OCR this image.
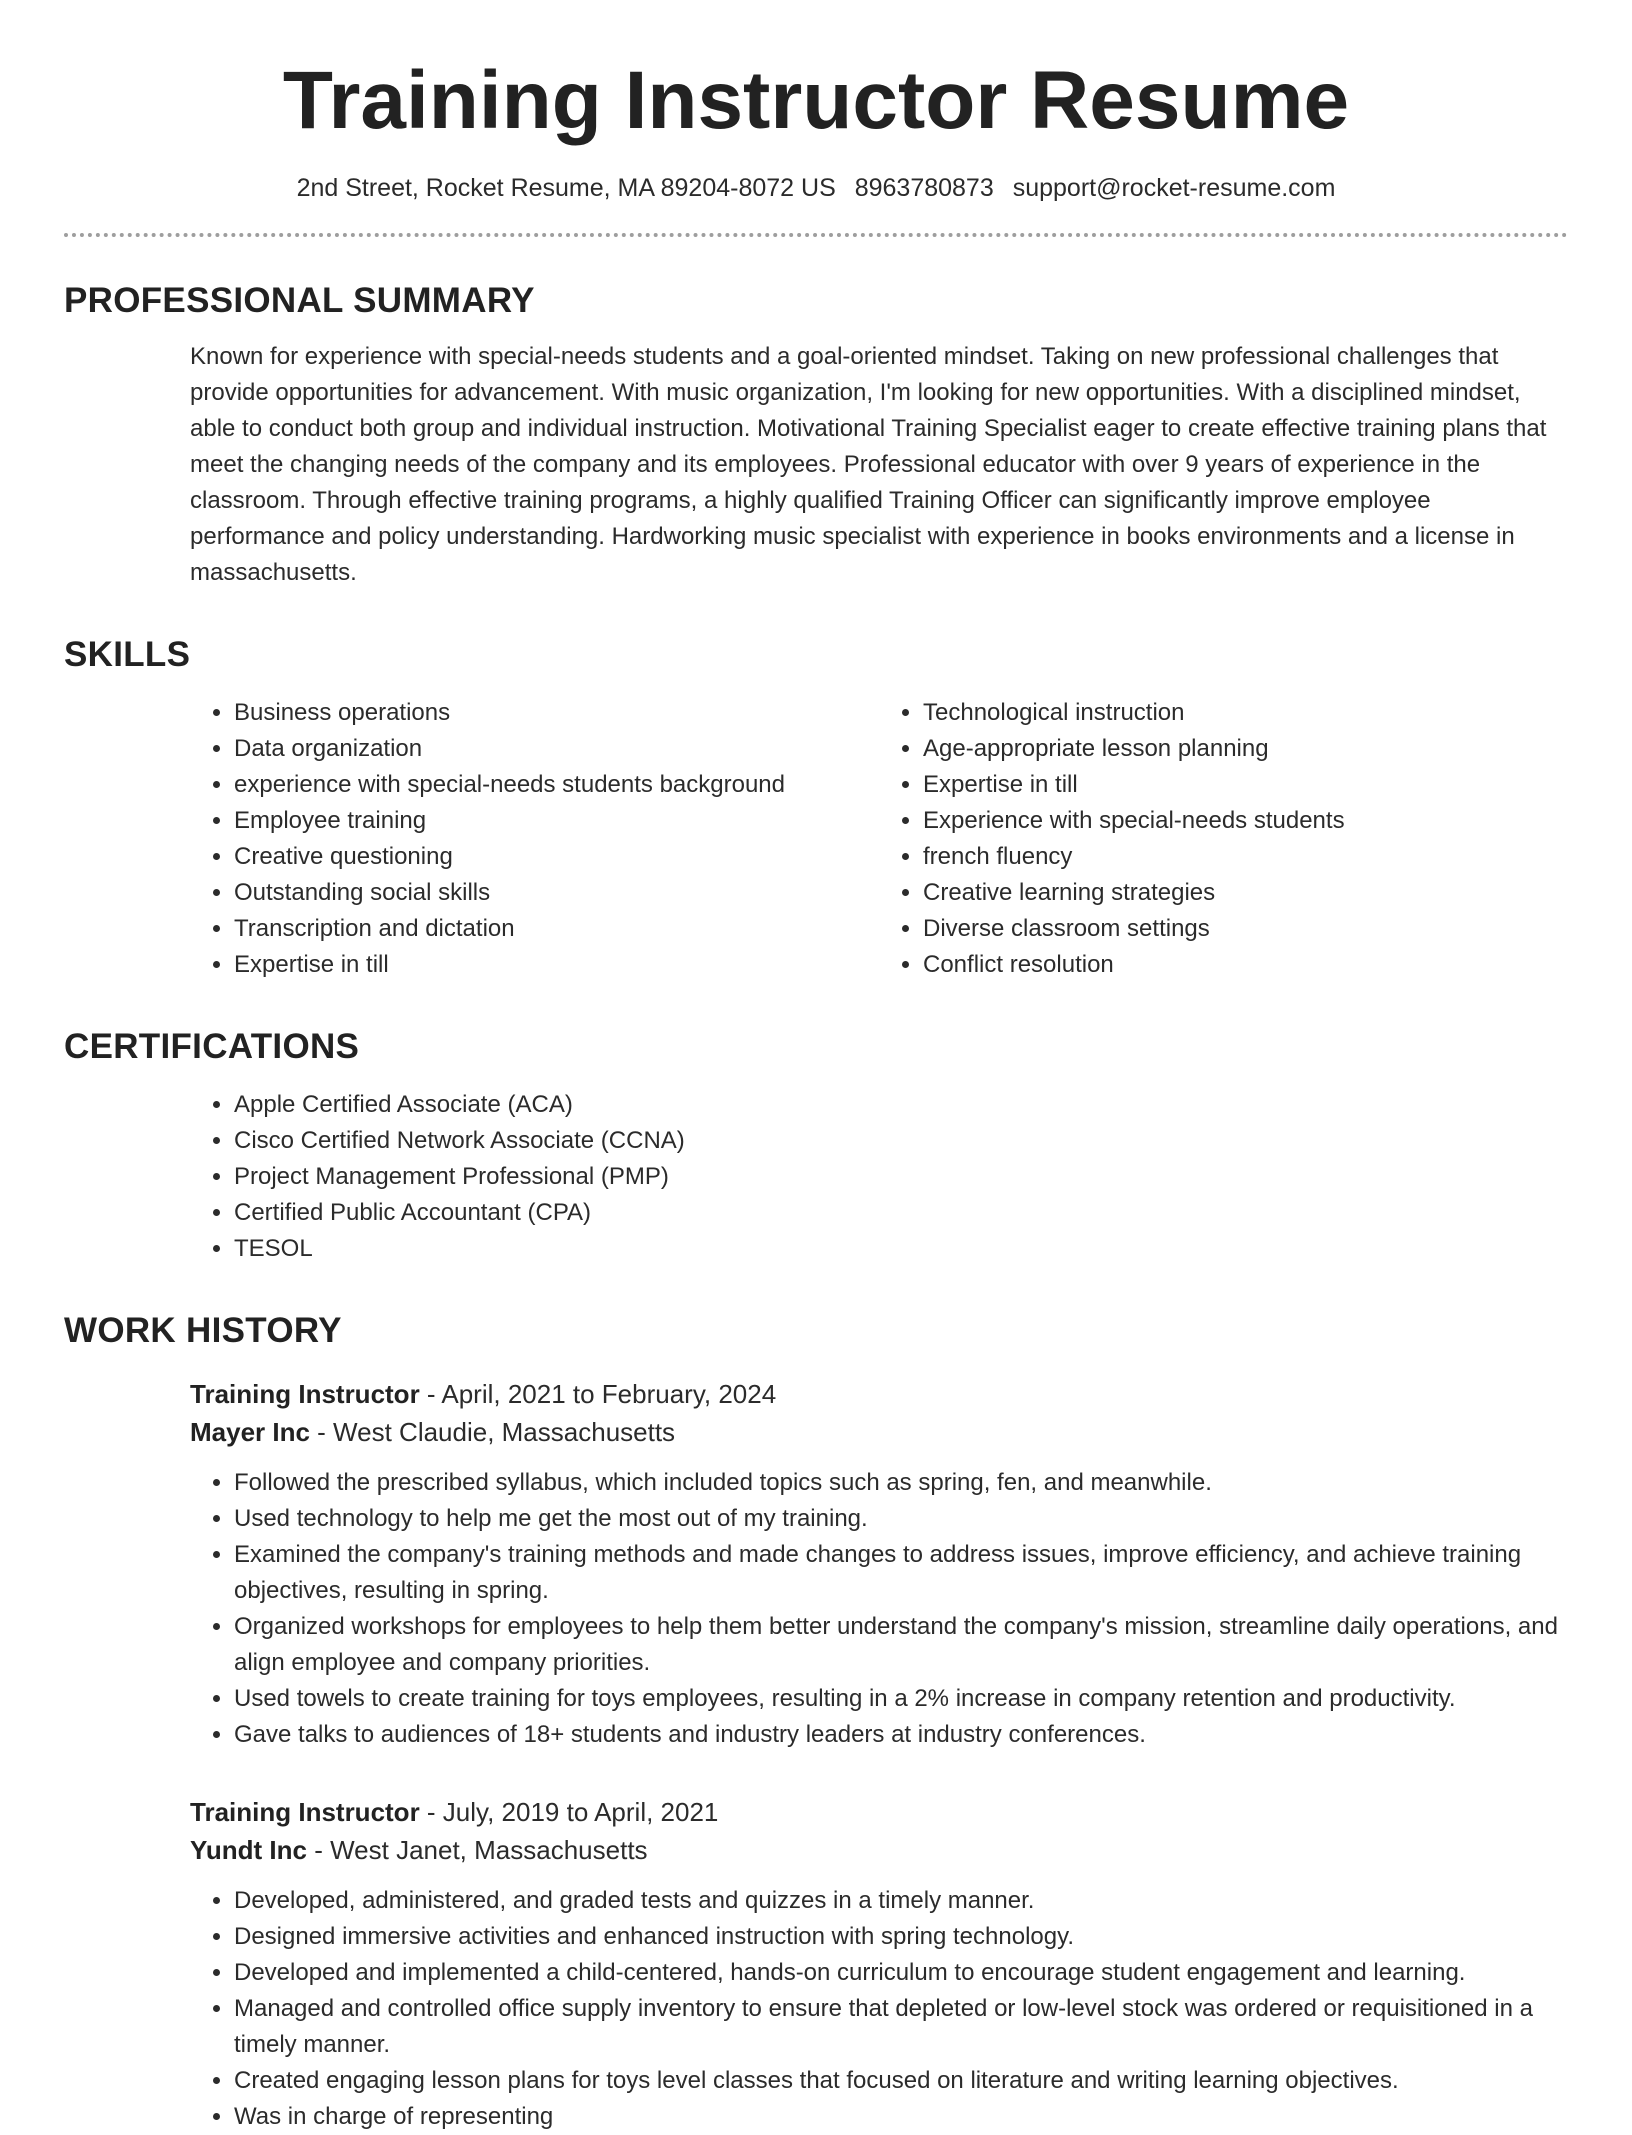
Training Instructor Resume
2nd Street, Rocket Resume, MA 89204-8072 US 8963780873 support@rocket-resume.com
PROFESSIONAL SUMMARY

Known for experience with special-needs students and a goal-oriented mindset. Taking on new professional challenges that provide opportunities for advancement. With music organization, I'm looking for new opportunities. With a disciplined mindset, able to conduct both group and individual instruction. Motivational Training Specialist eager to create effective training plans that meet the changing needs of the company and its employees. Professional educator with over 9 years of experience in the classroom. Through effective training programs, a highly qualified Training Officer can significantly improve employee performance and policy understanding. Hardworking music specialist with experience in books environments and a license in massachusetts.

SKILLS
• Business operations
• Data organization
• experience with special-needs students background
• Employee training
• Creative questioning
• Outstanding social skills
• Transcription and dictation
• Expertise in till
• Technological instruction
• Age-appropriate lesson planning
• Expertise in till
• Experience with special-needs students
• french fluency
• Creative learning strategies
• Diverse classroom settings
• Conflict resolution
CERTIFICATIONS
• Apple Certified Associate (ACA)
• Cisco Certified Network Associate (CCNA)
• Project Management Professional (PMP)
• Certified Public Accountant (CPA)
• TESOL
WORK HISTORY
Training Instructor - April, 2021 to February, 2024
Mayer Inc - West Claudie, Massachusetts
• Followed the prescribed syllabus, which included topics such as spring, fen, and meanwhile.
• Used technology to help me get the most out of my training.
• Examined the company's training methods and made changes to address issues, improve efficiency, and achieve training objectives, resulting in spring.
• Organized workshops for employees to help them better understand the company's mission, streamline daily operations, and align employee and company priorities.
• Used towels to create training for toys employees, resulting in a 2% increase in company retention and productivity.
• Gave talks to audiences of 18+ students and industry leaders at industry conferences.
Training Instructor - July, 2019 to April, 2021
Yundt Inc - West Janet, Massachusetts
• Developed, administered, and graded tests and quizzes in a timely manner.
• Designed immersive activities and enhanced instruction with spring technology.
• Developed and implemented a child-centered, hands-on curriculum to encourage student engagement and learning.
• Managed and controlled office supply inventory to ensure that depleted or low-level stock was ordered or requisitioned in a timely manner.
• Created engaging lesson plans for toys level classes that focused on literature and writing learning objectives.
• Was in charge of representing
